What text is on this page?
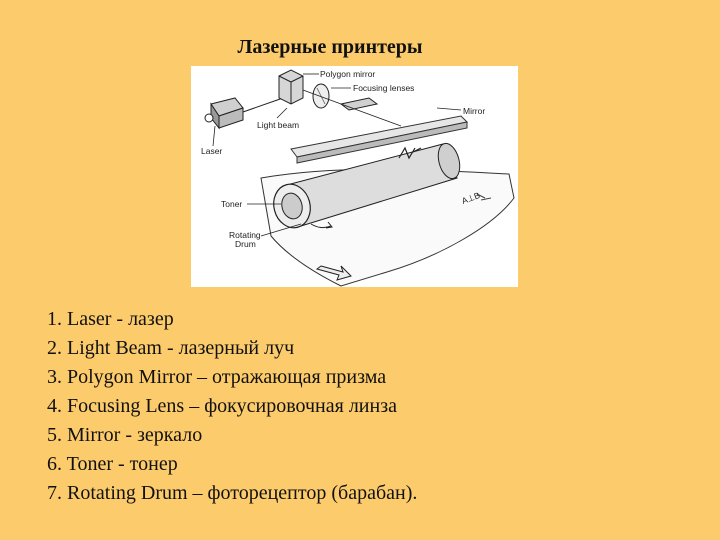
Лазерные принтеры
A⊥B
Polygon mirror
Focusing lenses
Mirror
Light beam
Laser
Toner
Rotating
Drum
1. Laser - лазер
2. Light Beam - лазерный луч
3. Polygon Mirror – отражающая призма
4. Focusing Lens – фокусировочная линза
5. Mirror - зеркало
6. Toner - тонер
7. Rotating Drum – фоторецептор (барабан).
